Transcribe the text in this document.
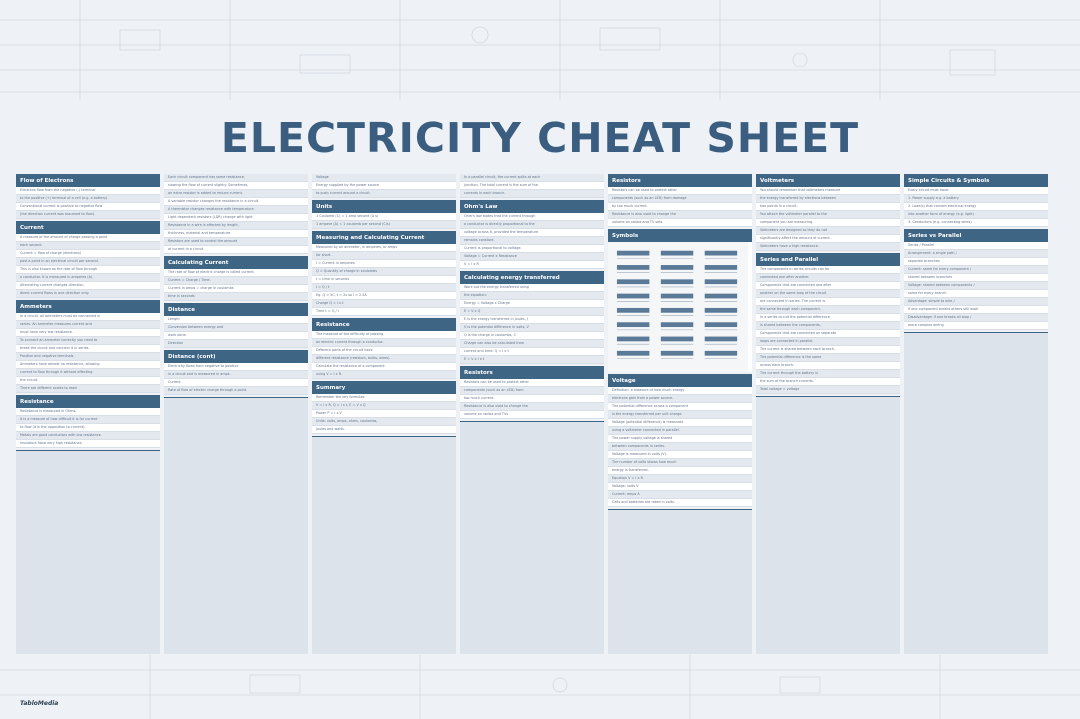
ELECTRICITY CHEAT SHEET
Flow of Electrons
Electrons flow from the negative (-) terminal
to the positive (+) terminal of a cell (e.g. a battery).
Conventional current is positive to negative flow
(the direction current was assumed to flow).
Current
A measure of the amount of charge passing a point
each second.
Current = flow of charge (electrons)
past a point in an electrical circuit per second.
This is also known as the rate of flow through
a conductor. It is measured in amperes (A).
Alternating current changes direction,
direct current flows in one direction only.
Ammeters
In a circuit, all ammeters must be connected in
series. An ammeter measures current and
must have very low resistance.
To connect an ammeter correctly you need to
break the circuit and connect it in series.
Positive and negative terminals.
Ammeters have almost no resistance, allowing
current to flow through it without affecting
the circuit.
There are different scales to read.
Resistance
Resistance is measured in Ohms.
It is a measure of how difficult it is for current
to flow (it is the opposition to current).
Metals are good conductors with low resistance.
Insulators have very high resistance.
Each circuit component has some resistance,
slowing the flow of current slightly. Sometimes,
an extra resistor is added to reduce current.
A variable resistor changes the resistance in a circuit.
A thermistor changes resistance with temperature.
Light dependent resistors (LDR) change with light.
Resistance in a wire is affected by length,
thickness, material and temperature.
Resistors are used to control the amount
of current in a circuit.
Calculating Current
The rate of flow of electric charge is called current.
Current = Charge / Time.
Current in amps = charge in coulombs
time in seconds
Distance
Length
Conversion between energy and
work done.
Direction
Distance (cont)
Electricity flows from negative to positive
in a circuit and is measured in amps.
Current
Rate of flow of electric charge through a point.
Voltage
Energy supplied by the power source
to push current around a circuit.
Units
1 Coulomb (C) = 1 amp second (A s)
1 ampere (A) = 1 coulomb per second (C/s)
Measuring and Calculating Current
Measured by an ammeter, in amperes, or amps
for short.
I = Current in amperes
Q = Quantity of charge in coulombs
t = time in seconds
I = Q / t
Eg. Q = 5C, t = 2s so I = 2.5A
Charge Q = I x t
Time t = Q / I
Resistance
The measure of the difficulty of passing
an electric current through a conductor.
Different parts of the circuit have
different resistance (resistors, bulbs, wires).
Calculate the resistance of a component
using V = I x R.
Summary
Remember the key formulas:
V = I x R, Q = I x t, E = V x Q
Power P = I x V
Units: volts, amps, ohms, coulombs,
joules and watts.
In a parallel circuit, the current splits at each
junction. The total current is the sum of the
currents in each branch.
Ohm's Law
Ohm's law states that the current through
a conductor is directly proportional to the
voltage across it, provided the temperature
remains constant.
Current is proportional to voltage.
Voltage = Current x Resistance
V = I x R
Calculating energy transferred
Work out the energy transferred using
the equation:
Energy = Voltage x Charge
E = V x Q
E is the energy transferred in joules, J
V is the potential difference in volts, V
Q is the charge in coulombs, C
Charge can also be calculated from
current and time: Q = I x t
E = V x I x t
Resistors
Resistors can be used to protect other
components (such as an LED) from
too much current.
Resistance is also used to change the
volume on radios and TVs.
Resistors
Resistors can be used to protect other
components (such as an LED) from damage
by too much current.
Resistance is also used to change the
volume on radios and TV sets.
Symbols
Voltage
Definition: a measure of how much energy
electrons gain from a power source.
The potential difference across a component
is the energy transferred per unit charge.
Voltage (potential difference) is measured
using a voltmeter connected in parallel.
The power supply voltage is shared
between components in series.
Voltage is measured in volts (V).
The number of volts shows how much
energy is transferred.
Equation V = I x R
Voltage: volts V
Current: amps A
Cells and batteries are rated in volts.
Voltmeters
You should remember that voltmeters measure
the energy transferred by electrons between
two points in a circuit.
You attach the voltmeter parallel to the
component you are measuring.
Voltmeters are designed so they do not
significantly affect the amount of current.
Voltmeters have a high resistance.
Series and Parallel
The components in series circuits can be
connected one after another.
Components that are connected one after
another on the same loop of the circuit
are connected in series. The current is
the same through each component.
In a series circuit the potential difference
is shared between the components.
Components that are connected on separate
loops are connected in parallel.
The current is shared between each branch.
The potential difference is the same
across each branch.
The current through the battery is
the sum of the branch currents.
Total voltage = voltage
Simple Circuits & Symbols
Every circuit must have:
1. Power supply e.g. a battery
2. Load(s) that convert electrical energy
into another form of energy (e.g. light)
3. Conductors (e.g. connecting wires)
Series vs Parallel
Series / Parallel
Arrangement: a single path /
separate branches
Current: same for every component /
shared between branches
Voltage: shared between components /
same for every branch
Advantage: simple to wire /
if one component breaks others still work
Disadvantage: if one breaks all stop /
more complex wiring
TabloMedia
